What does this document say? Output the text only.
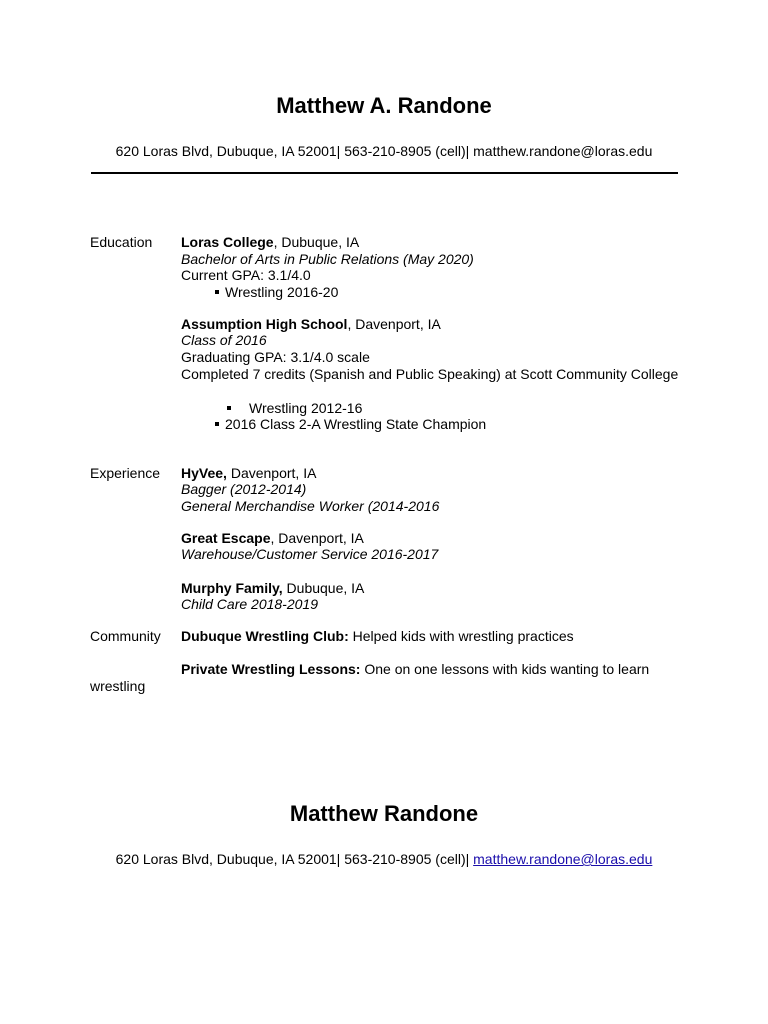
Matthew A. Randone
620 Loras Blvd, Dubuque, IA 52001| 563-210-8905 (cell)| matthew.randone@loras.edu
Education Loras College, Dubuque, IA
Bachelor of Arts in Public Relations (May 2020)
Current GPA: 3.1/4.0
Wrestling 2016-20
Assumption High School, Davenport, IA
Class of 2016
Graduating GPA: 3.1/4.0 scale
Completed 7 credits (Spanish and Public Speaking) at Scott Community College
Wrestling 2012-16
2016 Class 2-A Wrestling State Champion
Experience HyVee, Davenport, IA
Bagger (2012-2014)
General Merchandise Worker (2014-2016
Great Escape, Davenport, IA
Warehouse/Customer Service 2016-2017
Murphy Family, Dubuque, IA
Child Care 2018-2019
Community Dubuque Wrestling Club: Helped kids with wrestling practices
Private Wrestling Lessons: One on one lessons with kids wanting to learn
wrestling
Matthew Randone
620 Loras Blvd, Dubuque, IA 52001| 563-210-8905 (cell)| matthew.randone@loras.edu
